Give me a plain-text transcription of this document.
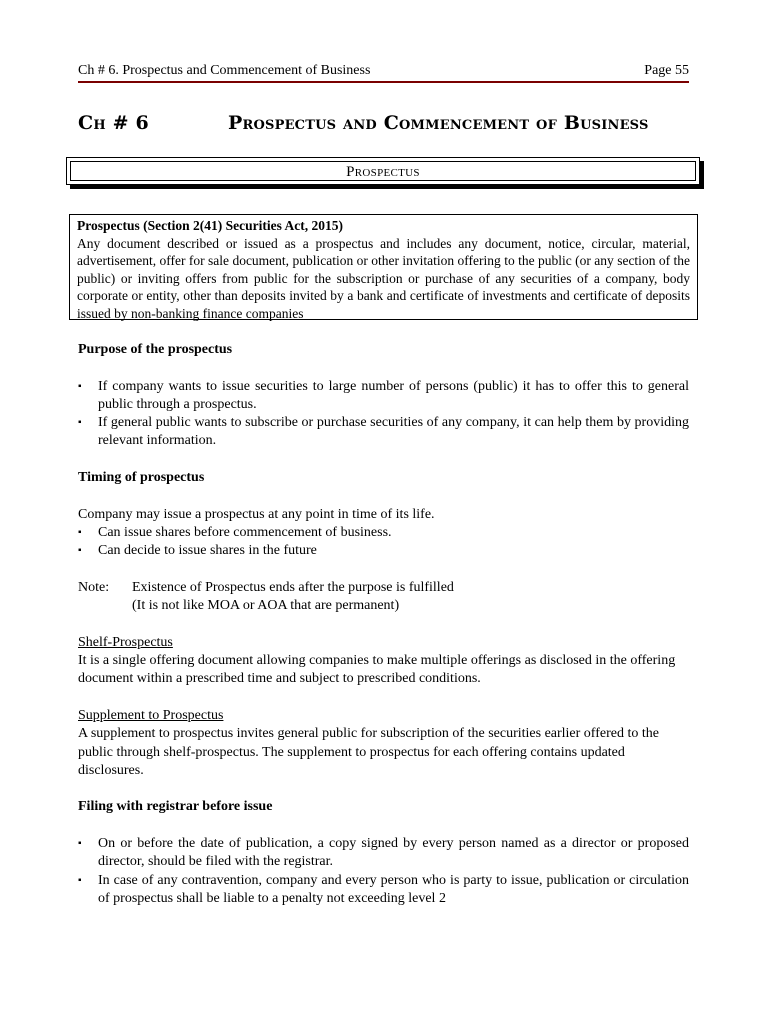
Ch # 6. Prospectus and Commencement of Business	Page 55
Ch # 6	Prospectus and Commencement of Business
Prospectus
Prospectus (Section 2(41) Securities Act, 2015)
Any document described or issued as a prospectus and includes any document, notice, circular, material, advertisement, offer for sale document, publication or other invitation offering to the public (or any section of the public) or inviting offers from public for the subscription or purchase of any securities of a company, body corporate or entity, other than deposits invited by a bank and certificate of investments and certificate of deposits issued by non-banking finance companies

Purpose of the prospectus

▪ If company wants to issue securities to large number of persons (public) it has to offer this to general public through a prospectus.
▪ If general public wants to subscribe or purchase securities of any company, it can help them by providing relevant information.

Timing of prospectus

Company may issue a prospectus at any point in time of its life.

▪ Can issue shares before commencement of business.
▪ Can decide to issue shares in the future
Note: Existence of Prospectus ends after the purpose is fulfilled
(It is not like MOA or AOA that are permanent)

Shelf-Prospectus

It is a single offering document allowing companies to make multiple offerings as disclosed in the offering document within a prescribed time and subject to prescribed conditions.

Supplement to Prospectus

A supplement to prospectus invites general public for subscription of the securities earlier offered to the public through shelf-prospectus. The supplement to prospectus for each offering contains updated disclosures.

Filing with registrar before issue

▪ On or before the date of publication, a copy signed by every person named as a director or proposed director, should be filed with the registrar.
▪ In case of any contravention, company and every person who is party to issue, publication or circulation of prospectus shall be liable to a penalty not exceeding level 2
